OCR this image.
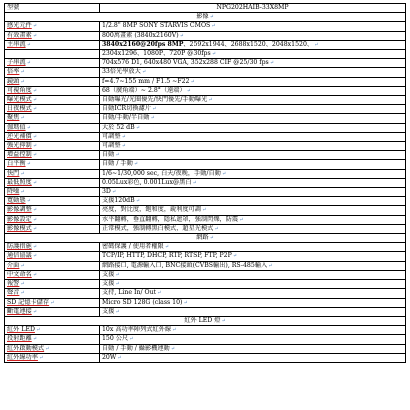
型號	NPG202HAIB-33X8MP
影像↵	
感光元件↵	1/2.8" 8MP SONY STARVIS CMOS↵
有效畫素↵	800萬畫素 (3840x2160V)↵
主串流↵	3840x2160@20fps 8MP、2592x1944、2688x1520、2048x1520、↵
	2304x1296、1080P、720P @30fps↵
子串流↵	704x576 D1, 640x480 VGA, 352x288 CIF @25/30 fps↵
倍率↵	33倍光學放大↵
鏡頭↵	f=4.7~155 mm / F1.5 ~F22↵
可視角度↵	68（廣角端）~ 2.8°（遠端）↵
曝光模式↵	自動曝光/光圈優先/快門優先/手動曝光↵
日夜模式↵	自動ICR切換濾片↵
聚焦↵	自動/手動/半自動↵
伽瑪值↵	大於 52 dB↵
逆光補償↵	可調整↵
強光抑制↵	可調整↵
增益控制↵	自動↵
白平衡↵	自動 / 手動↵
快門↵	1/6~1/30,000 sec, 白天/夜晚，手動/自動↵
最低照度↵	0.05Lux彩色, 0.001Lux@黑白↵
降噪↵	3D↵
寬動態↵	支援120dB↵
影像調整↵	亮度，對比度，飽和度，銳利度可調↵
影像設定↵	水平翻轉，垂直翻轉，隱私遮罩，強制閃爍，防震↵
影像模式↵	正常模式，強制轉黑白模式，超星光模式↵
網路↵	
防護措施↵	密碼保護 / 使用者權限↵
通信協議↵	TCP/IP, HTTP, DHCP, RTP, RTSP, FTP, P2P↵
介面↵	網路接口, 電源輸入口, BNC接頭(CVBS輸出), RS-485輸入↵
中文命名↵	支援↵
報警↵	支援↵
聲音↵	支持, Line In/ Out↵
SD 記憶卡儲存↵	Micro SD 128G (class 10)↵
斷電連接↵	支援↵
紅外 LED 燈↵	
紅外 LED↵	10x 高功率陣列式紅外線↵
投射距離↵	150 公尺↵
紅外啟動模式↵	自動 / 手動 / 攝影機連動↵
紅外線功率↵	20W↵
